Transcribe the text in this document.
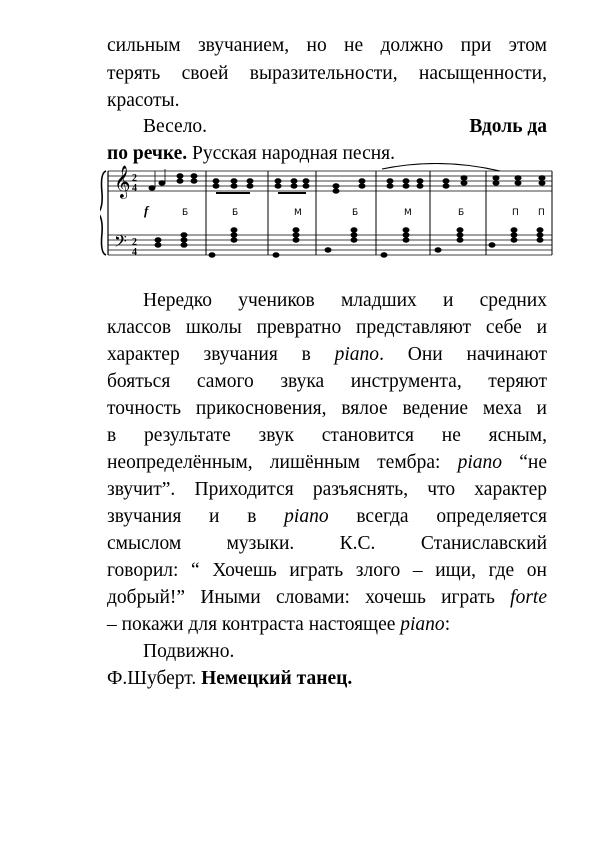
сильным звучанием, но не должно при этом
терять своей выразительности, насыщенности,
красоты.
Весело.	Вдоль да
по речке. Русская народная песня.
𝄞
𝄢
2
4
2
4
f	Б	Б	М	Б	М	Б	П П
Нередко учеников младших и средних
классов школы превратно представляют себе и
характер звучания в piano. Они начинают
бояться самого звука инструмента, теряют
точность прикосновения, вялое ведение меха и
в результате звук становится не ясным,
неопределённым, лишённым тембра: piano “не
звучит”. Приходится разъяснять, что характер
звучания и в piano всегда определяется
смыслом музыки. К.С. Станиславский
говорил: “ Хочешь играть злого – ищи, где он
добрый!” Иными словами: хочешь играть forte
– покажи для контраста настоящее piano:
Подвижно.
Ф.Шуберт. Немецкий танец.
